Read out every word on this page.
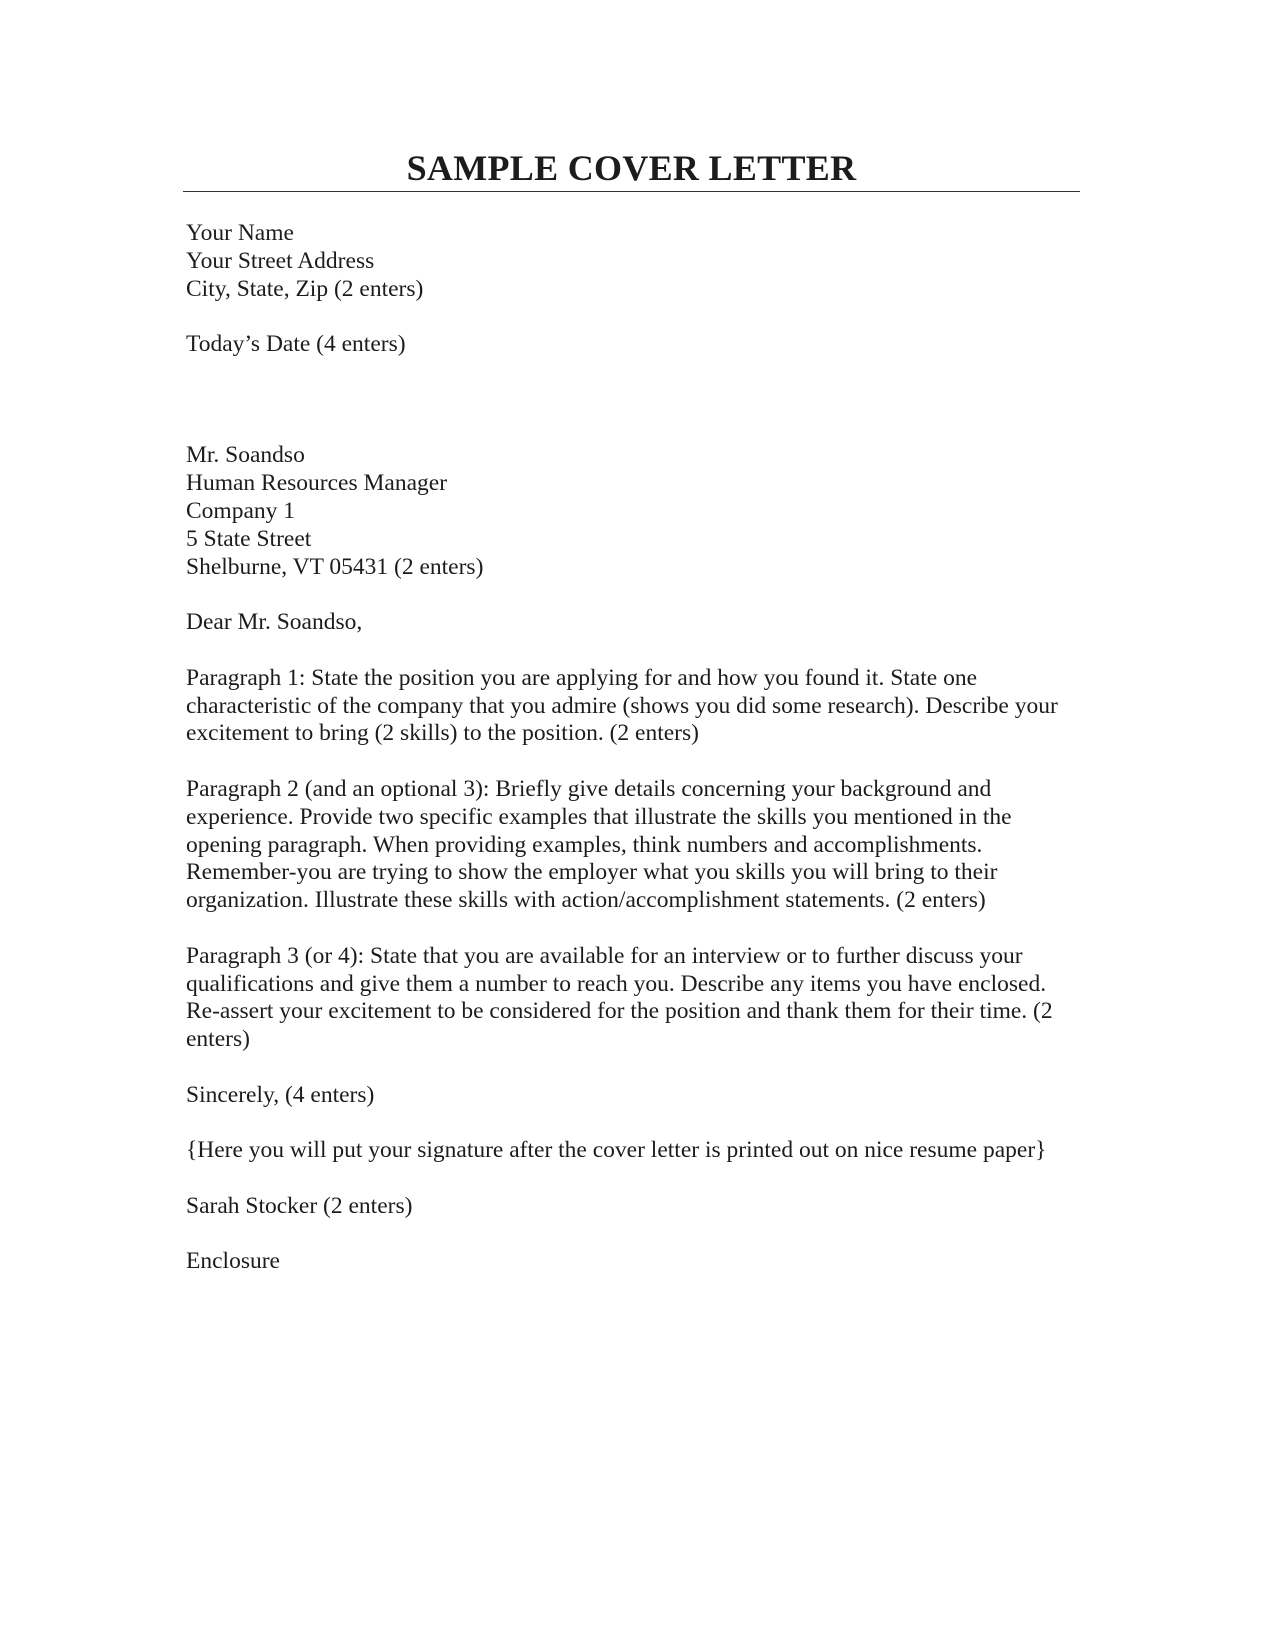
SAMPLE COVER LETTER
Your Name
Your Street Address
City, State, Zip (2 enters)
Today’s Date (4 enters)
Mr. Soandso
Human Resources Manager
Company 1
5 State Street
Shelburne, VT 05431 (2 enters)
Dear Mr. Soandso,
Paragraph 1: State the position you are applying for and how you found it. State one
characteristic of the company that you admire (shows you did some research). Describe your
excitement to bring (2 skills) to the position. (2 enters)
Paragraph 2 (and an optional 3): Briefly give details concerning your background and
experience. Provide two specific examples that illustrate the skills you mentioned in the
opening paragraph. When providing examples, think numbers and accomplishments.
Remember-you are trying to show the employer what you skills you will bring to their
organization. Illustrate these skills with action/accomplishment statements. (2 enters)
Paragraph 3 (or 4): State that you are available for an interview or to further discuss your
qualifications and give them a number to reach you. Describe any items you have enclosed.
Re-assert your excitement to be considered for the position and thank them for their time. (2
enters)
Sincerely, (4 enters)
{Here you will put your signature after the cover letter is printed out on nice resume paper}
Sarah Stocker (2 enters)
Enclosure
